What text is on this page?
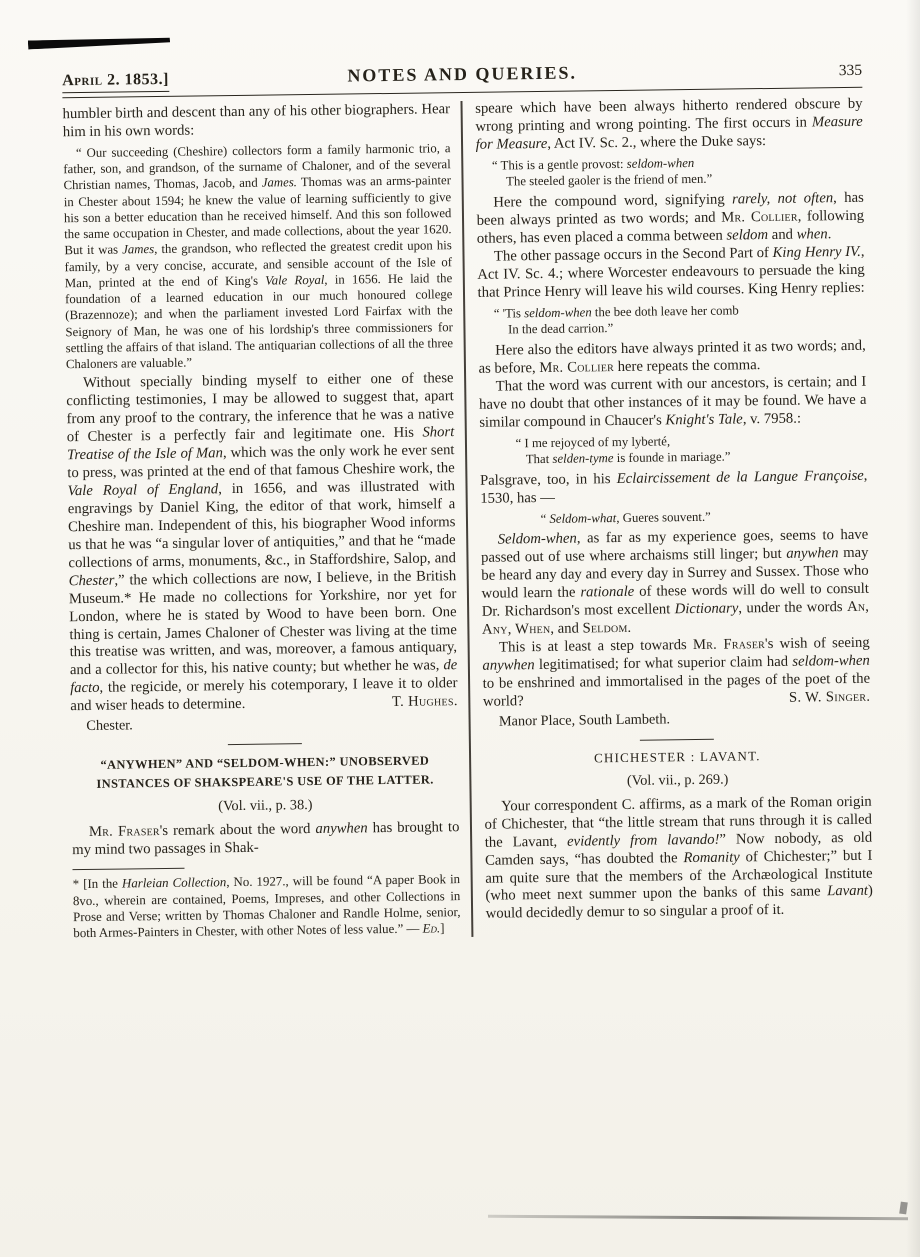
April 2. 1853.]	NOTES AND QUERIES.	335

humbler birth and descent than any of his other biographers. Hear him in his own words:

“ Our succeeding (Cheshire) collectors form a family harmonic trio, a father, son, and grandson, of the surname of Chaloner, and of the several Christian names, Thomas, Jacob, and James. Thomas was an arms-painter in Chester about 1594; he knew the value of learning sufficiently to give his son a better education than he received himself. And this son followed the same occupation in Chester, and made collections, about the year 1620. But it was James, the grandson, who reflected the greatest credit upon his family, by a very concise, accurate, and sensible account of the Isle of Man, printed at the end of King's Vale Royal, in 1656. He laid the foundation of a learned education in our much honoured college (Brazennoze); and when the parliament invested Lord Fairfax with the Seignory of Man, he was one of his lordship's three commissioners for settling the affairs of that island. The antiquarian collections of all the three Chaloners are valuable.”

Without specially binding myself to either one of these conflicting testimonies, I may be allowed to suggest that, apart from any proof to the contrary, the inference that he was a native of Chester is a perfectly fair and legitimate one. His Short Treatise of the Isle of Man, which was the only work he ever sent to press, was printed at the end of that famous Cheshire work, the Vale Royal of England, in 1656, and was illustrated with engravings by Daniel King, the editor of that work, himself a Cheshire man. Independent of this, his biographer Wood informs us that he was “a singular lover of antiquities,” and that he “made collections of arms, monuments, &c., in Staffordshire, Salop, and Chester,” the which collections are now, I believe, in the British Museum.* He made no collections for Yorkshire, nor yet for London, where he is stated by Wood to have been born. One thing is certain, James Chaloner of Chester was living at the time this treatise was written, and was, moreover, a famous antiquary, and a collector for this, his native county; but whether he was, de facto, the regicide, or merely his cotemporary, I leave it to older and wiser heads to determine.	T. Hughes.

Chester.
“ANYWHEN” AND “SELDOM-WHEN:” UNOBSERVED
INSTANCES OF SHAKSPEARE'S USE OF THE LATTER.
(Vol. vii., p. 38.)

Mr. Fraser's remark about the word anywhen has brought to my mind two passages in Shak-

* [In the Harleian Collection, No. 1927., will be found “A paper Book in 8vo., wherein are contained, Poems, Impreses, and other Collections in Prose and Verse; written by Thomas Chaloner and Randle Holme, senior, both Armes-Painters in Chester, with other Notes of less value.” — Ed.]

speare which have been always hitherto rendered obscure by wrong printing and wrong pointing. The first occurs in Measure for Measure, Act IV. Sc. 2., where the Duke says:

“ This is a gentle provost: seldom-when
The steeled gaoler is the friend of men.”

Here the compound word, signifying rarely, not often, has been always printed as two words; and Mr. Collier, following others, has even placed a comma between seldom and when.

The other passage occurs in the Second Part of King Henry IV., Act IV. Sc. 4.; where Worcester endeavours to persuade the king that Prince Henry will leave his wild courses. King Henry replies:

“ 'Tis seldom-when the bee doth leave her comb
In the dead carrion.”

Here also the editors have always printed it as two words; and, as before, Mr. Collier here repeats the comma.

That the word was current with our ancestors, is certain; and I have no doubt that other instances of it may be found. We have a similar compound in Chaucer's Knight's Tale, v. 7958.:

“ I me rejoyced of my lyberté,
That selden-tyme is founde in mariage.”

Palsgrave, too, in his Eclaircissement de la Langue Françoise, 1530, has —

“ Seldom-what, Gueres souvent.”

Seldom-when, as far as my experience goes, seems to have passed out of use where archaisms still linger; but anywhen may be heard any day and every day in Surrey and Sussex. Those who would learn the rationale of these words will do well to consult Dr. Richardson's most excellent Dictionary, under the words An, Any, When, and Seldom.

This is at least a step towards Mr. Fraser's wish of seeing anywhen legitimatised; for what superior claim had seldom-when to be enshrined and immortalised in the pages of the poet of the world?	S. W. Singer.

Manor Place, South Lambeth.
CHICHESTER : LAVANT.
(Vol. vii., p. 269.)

Your correspondent C. affirms, as a mark of the Roman origin of Chichester, that “the little stream that runs through it is called the Lavant, evidently from lavando!” Now nobody, as old Camden says, “has doubted the Romanity of Chichester;” but I am quite sure that the members of the Archæological Institute (who meet next summer upon the banks of this same Lavant) would decidedly demur to so singular a proof of it.
